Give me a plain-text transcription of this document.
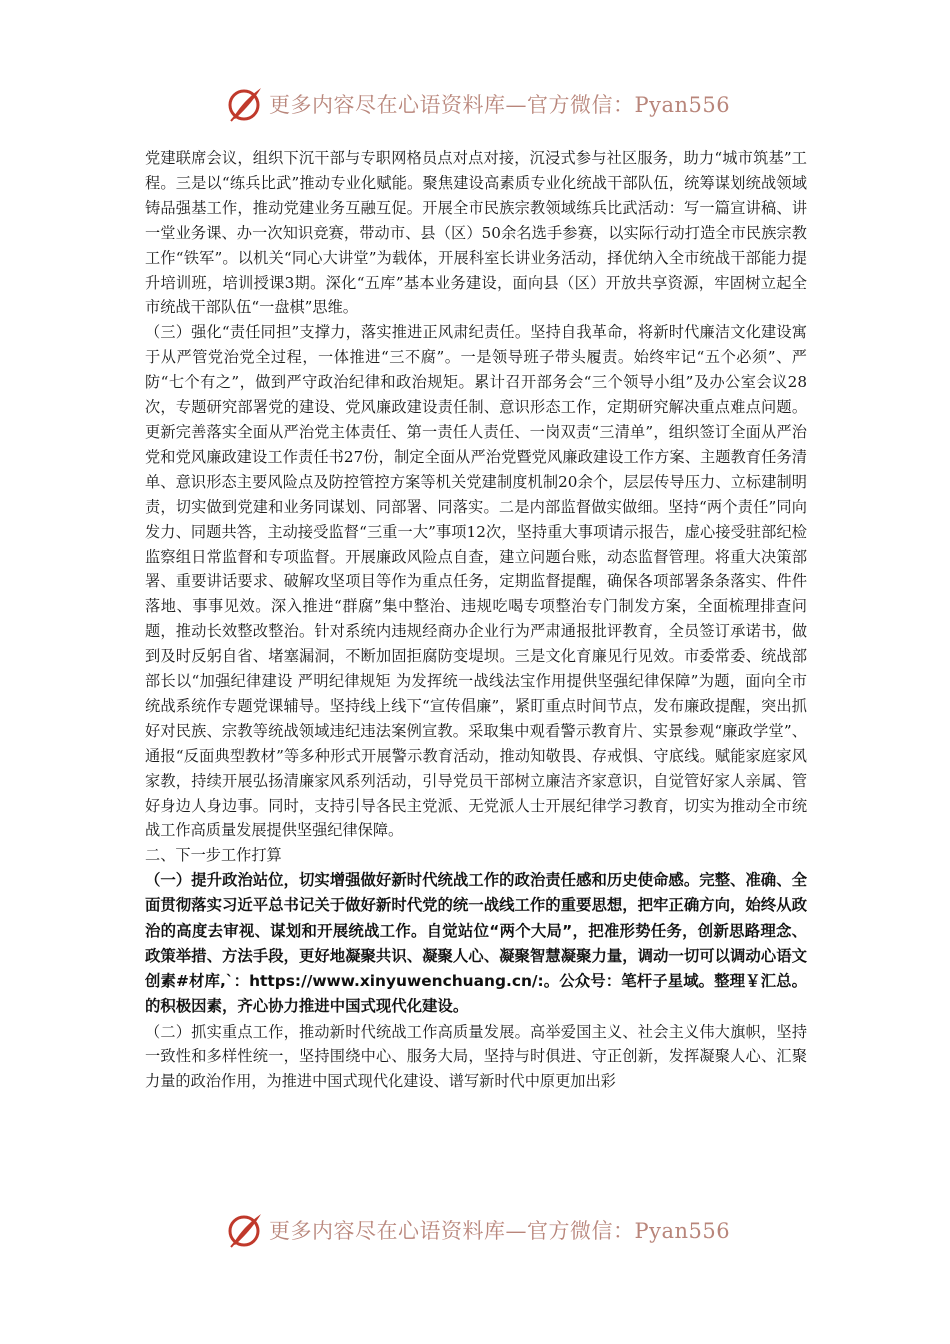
更多内容尽在心语资料库—官方微信：Pyan556

党建联席会议，组织下沉干部与专职网格员点对点对接，沉浸式参与社区服务，助力“城市筑基”工程。三是以“练兵比武”推动专业化赋能。聚焦建设高素质专业化统战干部队伍，统筹谋划统战领域铸品强基工作，推动党建业务互融互促。开展全市民族宗教领域练兵比武活动：写一篇宣讲稿、讲一堂业务课、办一次知识竞赛，带动市、县（区）50余名选手参赛，以实际行动打造全市民族宗教工作“铁军”。以机关“同心大讲堂”为载体，开展科室长讲业务活动，择优纳入全市统战干部能力提升培训班，培训授课3期。深化“五库”基本业务建设，面向县（区）开放共享资源，牢固树立起全市统战干部队伍“一盘棋”思维。

（三）强化“责任同担”支撑力，落实推进正风肃纪责任。坚持自我革命，将新时代廉洁文化建设寓于从严管党治党全过程，一体推进“三不腐”。一是领导班子带头履责。始终牢记“五个必须”、严防“七个有之”，做到严守政治纪律和政治规矩。累计召开部务会“三个领导小组”及办公室会议28次，专题研究部署党的建设、党风廉政建设责任制、意识形态工作，定期研究解决重点难点问题。更新完善落实全面从严治党主体责任、第一责任人责任、一岗双责“三清单”，组织签订全面从严治党和党风廉政建设工作责任书27份，制定全面从严治党暨党风廉政建设工作方案、主题教育任务清单、意识形态主要风险点及防控管控方案等机关党建制度机制20余个，层层传导压力、立标建制明责，切实做到党建和业务同谋划、同部署、同落实。二是内部监督做实做细。坚持“两个责任”同向发力、同题共答，主动接受监督“三重一大”事项12次，坚持重大事项请示报告，虚心接受驻部纪检监察组日常监督和专项监督。开展廉政风险点自查，建立问题台账，动态监督管理。将重大决策部署、重要讲话要求、破解攻坚项目等作为重点任务，定期监督提醒，确保各项部署条条落实、件件落地、事事见效。深入推进“群腐”集中整治、违规吃喝专项整治专门制发方案，全面梳理排查问题，推动长效整改整治。针对系统内违规经商办企业行为严肃通报批评教育，全员签订承诺书，做到及时反躬自省、堵塞漏洞，不断加固拒腐防变堤坝。三是文化育廉见行见效。市委常委、统战部部长以“加强纪律建设 严明纪律规矩 为发挥统一战线法宝作用提供坚强纪律保障”为题，面向全市统战系统作专题党课辅导。坚持线上线下“宣传倡廉”，紧盯重点时间节点，发布廉政提醒，突出抓好对民族、宗教等统战领域违纪违法案例宣教。采取集中观看警示教育片、实景参观“廉政学堂”、通报“反面典型教材”等多种形式开展警示教育活动，推动知敬畏、存戒惧、守底线。赋能家庭家风家教，持续开展弘扬清廉家风系列活动，引导党员干部树立廉洁齐家意识，自觉管好家人亲属、管好身边人身边事。同时，支持引导各民主党派、无党派人士开展纪律学习教育，切实为推动全市统战工作高质量发展提供坚强纪律保障。

二、下一步工作打算

（一）提升政治站位，切实增强做好新时代统战工作的政治责任感和历史使命感。完整、准确、全面贯彻落实习近平总书记关于做好新时代党的统一战线工作的重要思想，把牢正确方向，始终从政治的高度去审视、谋划和开展统战工作。自觉站位“两个大局”，把准形势任务，创新思路理念、政策举措、方法手段，更好地凝聚共识、凝聚人心、凝聚智慧凝聚力量，调动一切可以调动心语文创素#材库,`：https://www.xinyuwenchuang.cn/:。公众号：笔杆子星域。整理￥汇总。的积极因素，齐心协力推进中国式现代化建设。

（二）抓实重点工作，推动新时代统战工作高质量发展。高举爱国主义、社会主义伟大旗帜，坚持一致性和多样性统一，坚持围绕中心、服务大局，坚持与时俱进、守正创新，发挥凝聚人心、汇聚力量的政治作用，为推进中国式现代化建设、谱写新时代中原更加出彩

更多内容尽在心语资料库—官方微信：Pyan556
